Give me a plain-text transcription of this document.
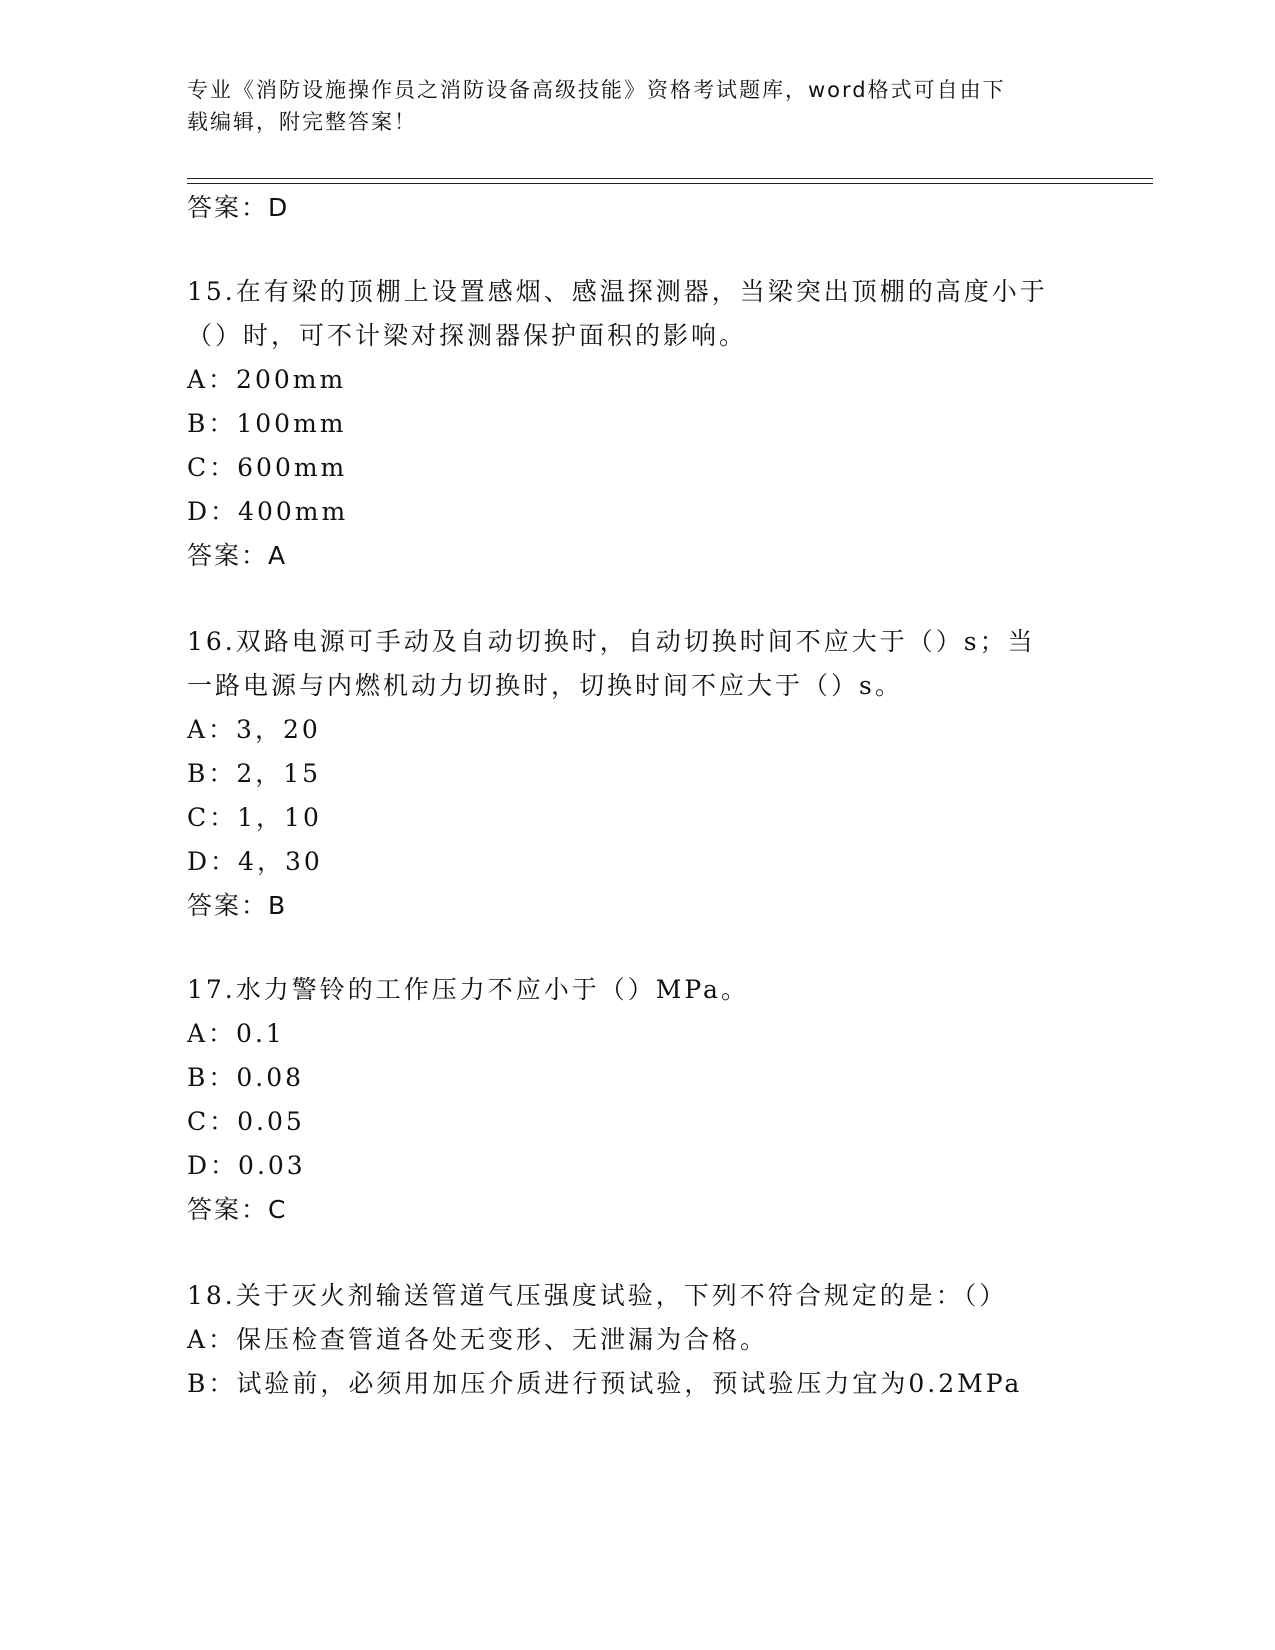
专业《消防设施操作员之消防设备高级技能》资格考试题库，word格式可自由下
载编辑，附完整答案！
答案：D
15.在有梁的顶棚上设置感烟、感温探测器，当梁突出顶棚的高度小于
（）时，可不计梁对探测器保护面积的影响。
A：200mm
B：100mm
C：600mm
D：400mm
答案：A
16.双路电源可手动及自动切换时，自动切换时间不应大于（）s；当
一路电源与内燃机动力切换时，切换时间不应大于（）s。
A：3，20
B：2，15
C：1，10
D：4，30
答案：B
17.水力警铃的工作压力不应小于（）MPa。
A：0.1
B：0.08
C：0.05
D：0.03
答案：C
18.关于灭火剂输送管道气压强度试验，下列不符合规定的是：（）
A：保压检查管道各处无变形、无泄漏为合格。
B：试验前，必须用加压介质进行预试验，预试验压力宜为0.2MPa
